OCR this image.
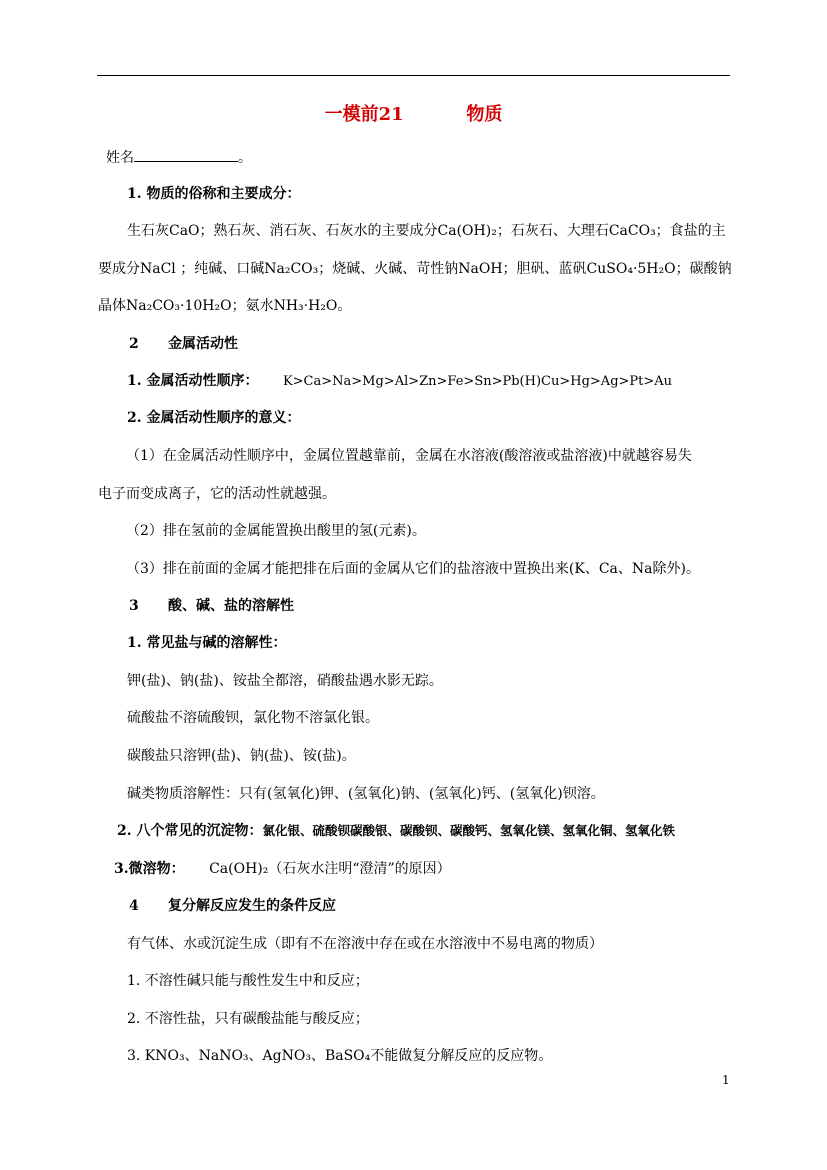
一模前21          物质
姓名	。
1. 物质的俗称和主要成分：
生石灰CaO；熟石灰、消石灰、石灰水的主要成分Ca(OH)₂；石灰石、大理石CaCO₃；食盐的主
要成分NaCl ；纯碱、口碱Na₂CO₃；烧碱、火碱、苛性钠NaOH；胆矾、蓝矾CuSO₄·5H₂O；碳酸钠
晶体Na₂CO₃·10H₂O；氨水NH₃·H₂O。
2      金属活动性
1. 金属活动性顺序： K>Ca>Na>Mg>Al>Zn>Fe>Sn>Pb(H)Cu>Hg>Ag>Pt>Au
2. 金属活动性顺序的意义：
（1）在金属活动性顺序中，金属位置越靠前，金属在水溶液(酸溶液或盐溶液)中就越容易失
电子而变成离子，它的活动性就越强。
（2）排在氢前的金属能置换出酸里的氢(元素)。
（3）排在前面的金属才能把排在后面的金属从它们的盐溶液中置换出来(K、Ca、Na除外)。
3      酸、碱、盐的溶解性
1. 常见盐与碱的溶解性：
钾(盐)、钠(盐)、铵盐全都溶，硝酸盐遇水影无踪。
硫酸盐不溶硫酸钡，氯化物不溶氯化银。
碳酸盐只溶钾(盐)、钠(盐)、铵(盐)。
碱类物质溶解性：只有(氢氧化)钾、(氢氧化)钠、(氢氧化)钙、(氢氧化)钡溶。
2. 八个常见的沉淀物：氯化银、硫酸钡碳酸银、碳酸钡、碳酸钙、氢氧化镁、氢氧化铜、氢氧化铁
3.微溶物： Ca(OH)₂（石灰水注明“澄清”的原因）
4      复分解反应发生的条件反应
有气体、水或沉淀生成（即有不在溶液中存在或在水溶液中不易电离的物质）
1. 不溶性碱只能与酸性发生中和反应；
2. 不溶性盐，只有碳酸盐能与酸反应；
3. KNO₃、NaNO₃、AgNO₃、BaSO₄不能做复分解反应的反应物。
1
